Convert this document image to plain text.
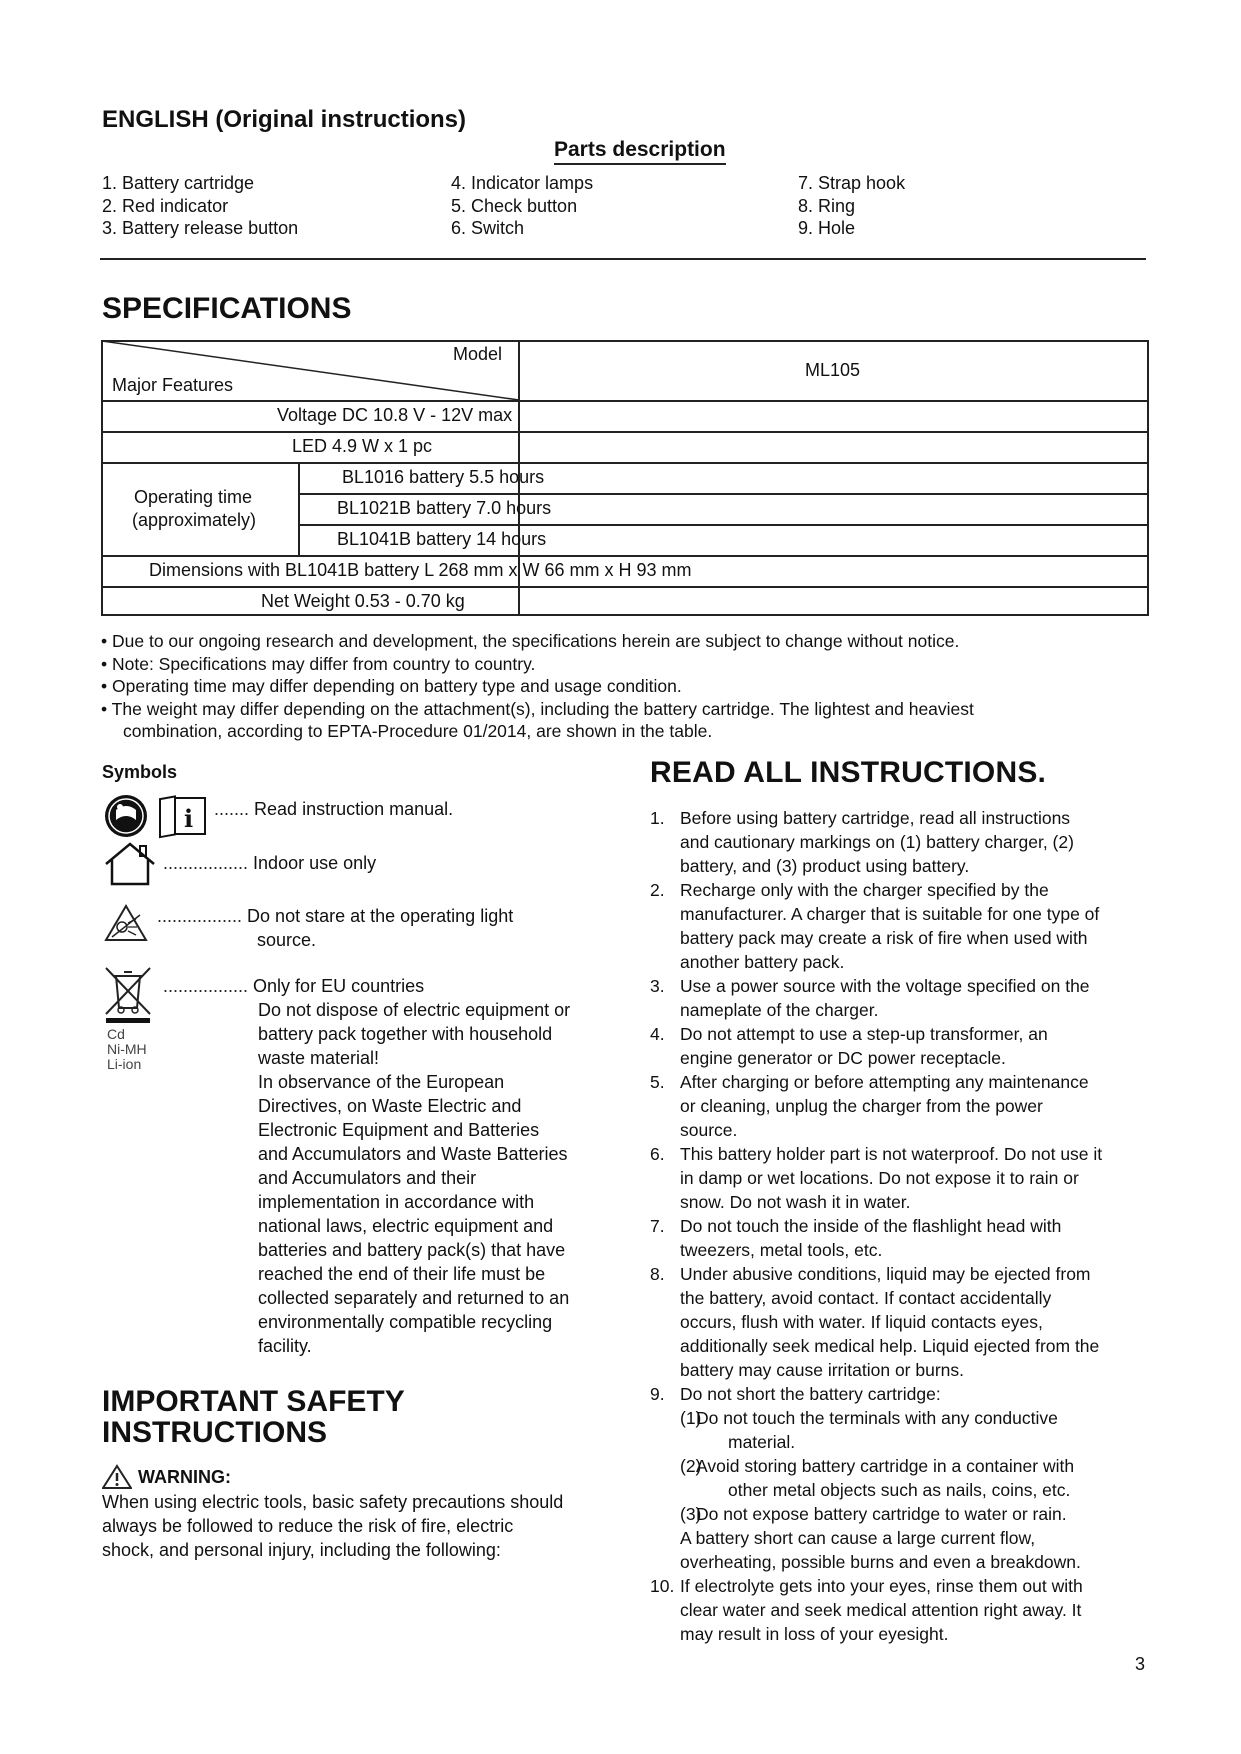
ENGLISH (Original instructions)
Parts description
1. Battery cartridge
2. Red indicator
3. Battery release button
4. Indicator lamps
5. Check button
6. Switch
7. Strap hook
8. Ring
9. Hole
SPECIFICATIONS
Model
Major Features
ML105
Voltage DC 10.8 V - 12V max
LED 4.9 W x 1 pc
Operating time
(approximately)
BL1016 battery 5.5 hours
BL1021B battery 7.0 hours
BL1041B battery 14 hours
Dimensions with BL1041B battery L 268 mm x W 66 mm x H 93 mm
Net Weight 0.53 - 0.70 kg
• Due to our ongoing research and development, the specifications herein are subject to change without notice.
• Note: Specifications may differ from country to country.
• Operating time may differ depending on battery type and usage condition.
• The weight may differ depending on the attachment(s), including the battery cartridge. The lightest and heaviest
combination, according to EPTA-Procedure 01/2014, are shown in the table.
Symbols
i ....... Read instruction manual.
................. Indoor use only
................. Do not stare at the operating light
source.
Cd
Ni-MH
Li-ion
................. Only for EU countries
Do not dispose of electric equipment or
battery pack together with household
waste material!
In observance of the European
Directives, on Waste Electric and
Electronic Equipment and Batteries
and Accumulators and Waste Batteries
and Accumulators and their
implementation in accordance with
national laws, electric equipment and
batteries and battery pack(s) that have
reached the end of their life must be
collected separately and returned to an
environmentally compatible recycling
facility.
IMPORTANT SAFETY
INSTRUCTIONS
WARNING:
When using electric tools, basic safety precautions should
always be followed to reduce the risk of fire, electric
shock, and personal injury, including the following:
READ ALL INSTRUCTIONS.
1. Before using battery cartridge, read all instructions
and cautionary markings on (1) battery charger, (2)
battery, and (3) product using battery.
2. Recharge only with the charger specified by the
manufacturer. A charger that is suitable for one type of
battery pack may create a risk of fire when used with
another battery pack.
3. Use a power source with the voltage specified on the
nameplate of the charger.
4. Do not attempt to use a step-up transformer, an
engine generator or DC power receptacle.
5. After charging or before attempting any maintenance
or cleaning, unplug the charger from the power
source.
6. This battery holder part is not waterproof. Do not use it
in damp or wet locations. Do not expose it to rain or
snow. Do not wash it in water.
7. Do not touch the inside of the flashlight head with
tweezers, metal tools, etc.
8. Under abusive conditions, liquid may be ejected from
the battery, avoid contact. If contact accidentally
occurs, flush with water. If liquid contacts eyes,
additionally seek medical help. Liquid ejected from the
battery may cause irritation or burns.
9. Do not short the battery cartridge:
(1)
Do not touch the terminals with any conductive
material.
(2)
Avoid storing battery cartridge in a container with
other metal objects such as nails, coins, etc.
(3)
Do not expose battery cartridge to water or rain.
A battery short can cause a large current flow,
overheating, possible burns and even a breakdown.
10. If electrolyte gets into your eyes, rinse them out with
clear water and seek medical attention right away. It
may result in loss of your eyesight.
3
